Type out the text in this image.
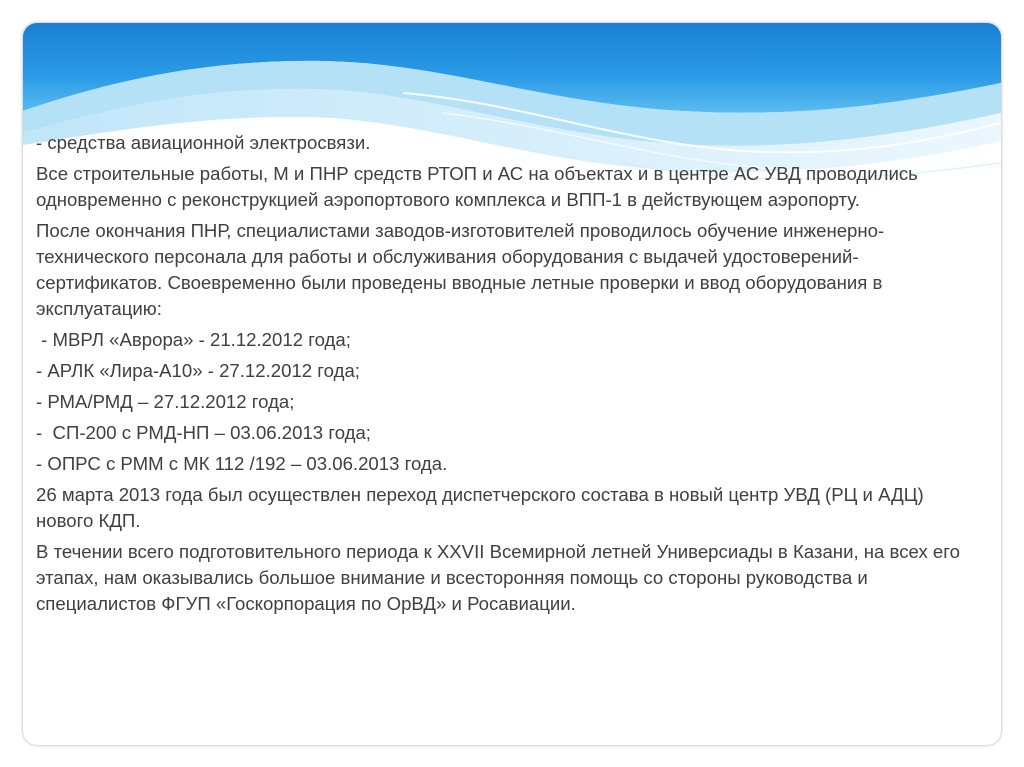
- средства авиационной электросвязи.

Все строительные работы, М и ПНР средств РТОП и АС на объектах и в центре АС УВД проводились одновременно с реконструкцией аэропортового комплекса и ВПП-1 в действующем аэропорту.

После окончания ПНР, специалистами заводов-изготовителей проводилось обучение инженерно-технического персонала для работы и обслуживания оборудования с выдачей удостоверений-сертификатов. Своевременно были проведены вводные летные проверки и ввод оборудования в эксплуатацию:

- МВРЛ «Аврора» - 21.12.2012 года;

- АРЛК «Лира-А10» - 27.12.2012 года;

- РМА/РМД – 27.12.2012 года;

-  СП-200 с РМД-НП – 03.06.2013 года;

- ОПРС с РММ с МК 112 /192 – 03.06.2013 года.

26 марта 2013 года был осуществлен переход диспетчерского состава в новый центр УВД (РЦ и АДЦ) нового КДП.

В течении всего подготовительного периода к XXVII Всемирной летней Универсиады в Казани, на всех его этапах, нам оказывались большое внимание и всесторонняя помощь со стороны руководства и специалистов ФГУП «Госкорпорация по ОрВД» и Росавиации.
